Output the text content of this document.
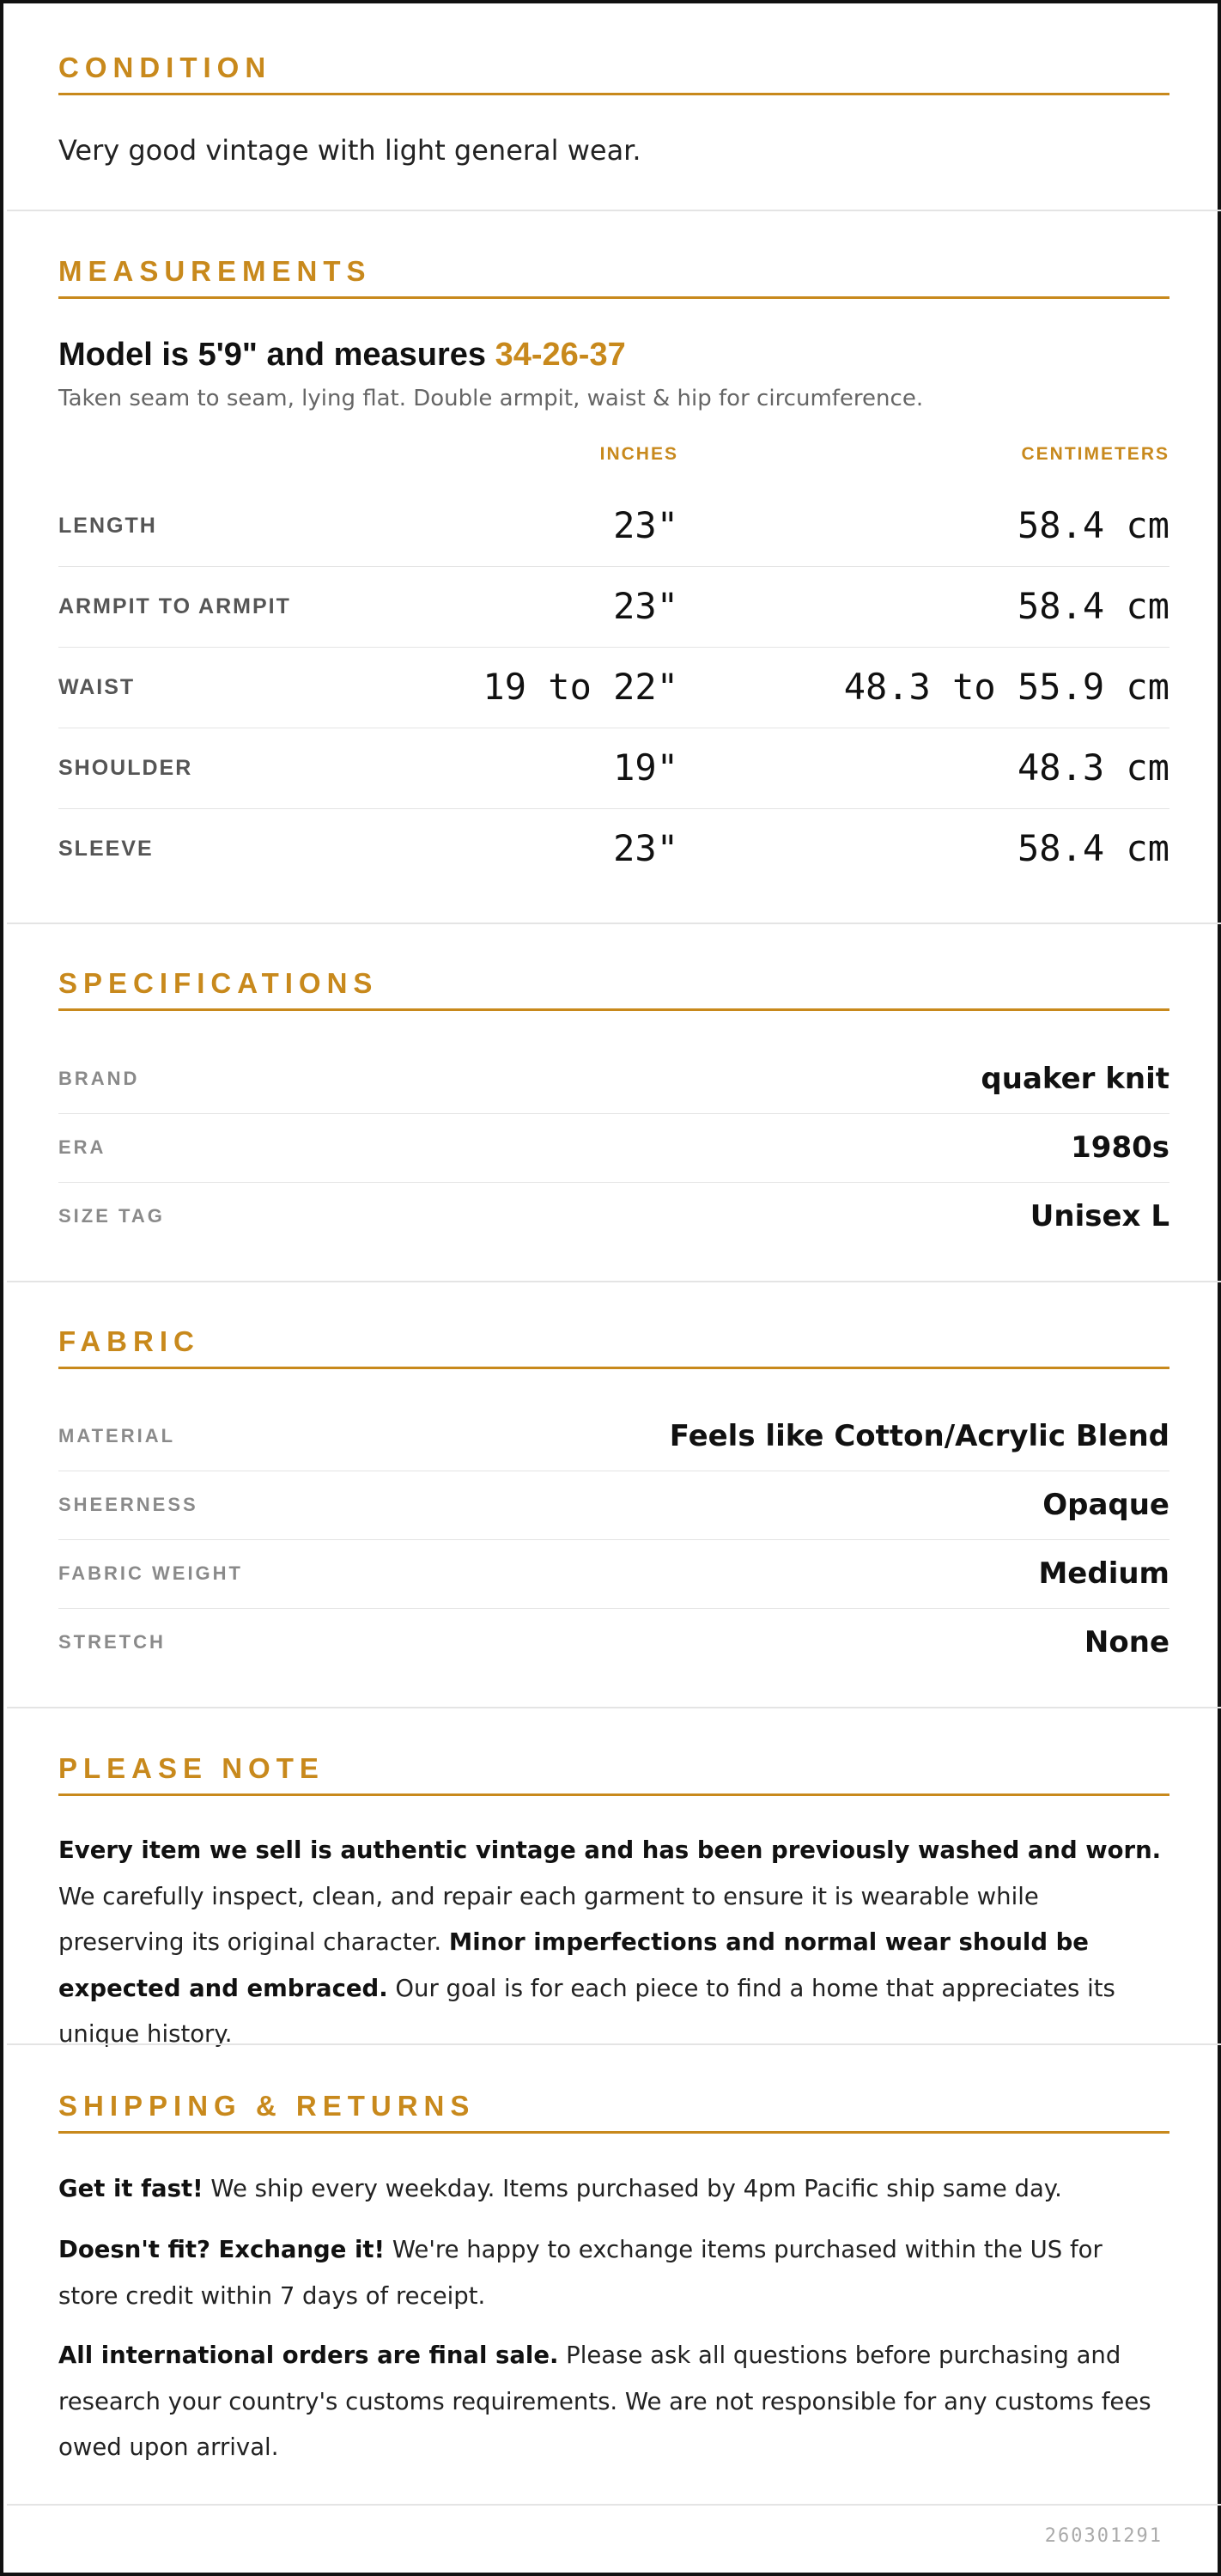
CONDITION
Very good vintage with light general wear.
MEASUREMENTS
Model is 5'9" and measures 34-26-37
Taken seam to seam, lying flat. Double armpit, waist & hip for circumference.
INCHES	CENTIMETERS
LENGTH	23"	58.4 cm
ARMPIT TO ARMPIT	23"	58.4 cm
WAIST	19 to 22"	48.3 to 55.9 cm
SHOULDER	19"	48.3 cm
SLEEVE	23"	58.4 cm
SPECIFICATIONS
BRAND	quaker knit
ERA	1980s
SIZE TAG	Unisex L
FABRIC
MATERIAL	Feels like Cotton/Acrylic Blend
SHEERNESS	Opaque
FABRIC WEIGHT	Medium
STRETCH	None
PLEASE NOTE
Every item we sell is authentic vintage and has been previously washed and worn. We carefully inspect, clean, and repair each garment to ensure it is wearable while preserving its original character. Minor imperfections and normal wear should be expected and embraced. Our goal is for each piece to find a home that appreciates its unique history.
SHIPPING & RETURNS
Get it fast! We ship every weekday. Items purchased by 4pm Pacific ship same day.
Doesn't fit? Exchange it! We're happy to exchange items purchased within the US for store credit within 7 days of receipt.
All international orders are final sale. Please ask all questions before purchasing and research your country's customs requirements. We are not responsible for any customs fees owed upon arrival.
260301291
